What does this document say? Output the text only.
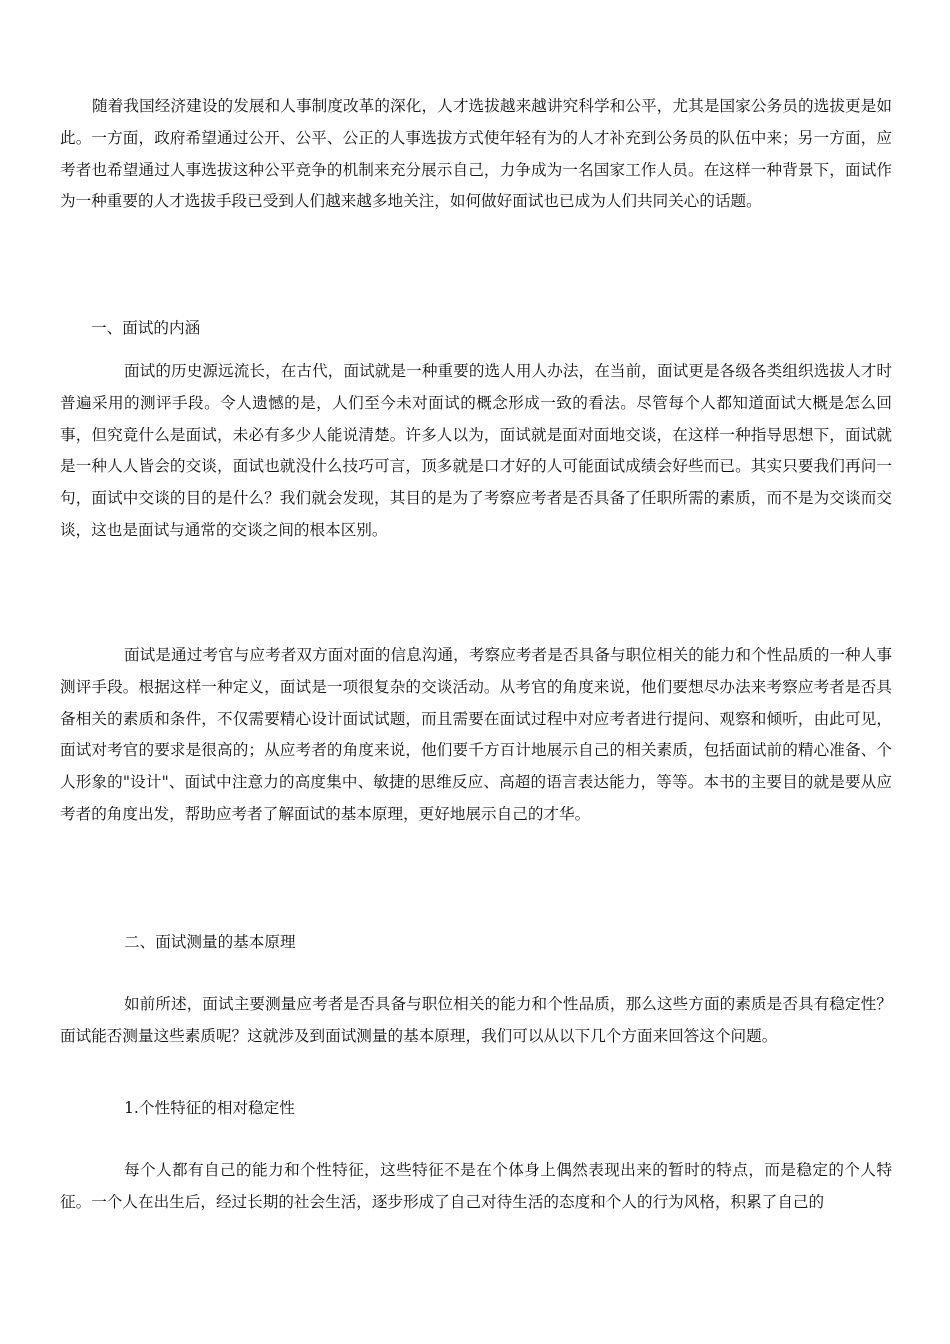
随着我国经济建设的发展和人事制度改革的深化，人才选拔越来越讲究科学和公平，尤其是国家公务员的选拔更是如此。一方面，政府希望通过公开、公平、公正的人事选拔方式使年轻有为的人才补充到公务员的队伍中来；另一方面，应考者也希望通过人事选拔这种公平竞争的机制来充分展示自己，力争成为一名国家工作人员。在这样一种背景下，面试作为一种重要的人才选拔手段已受到人们越来越多地关注，如何做好面试也已成为人们共同关心的话题。

一、面试的内涵

面试的历史源远流长，在古代，面试就是一种重要的选人用人办法，在当前，面试更是各级各类组织选拔人才时普遍采用的测评手段。令人遗憾的是，人们至今未对面试的概念形成一致的看法。尽管每个人都知道面试大概是怎么回事，但究竟什么是面试，未必有多少人能说清楚。许多人以为，面试就是面对面地交谈，在这样一种指导思想下，面试就是一种人人皆会的交谈，面试也就没什么技巧可言，顶多就是口才好的人可能面试成绩会好些而已。其实只要我们再问一句，面试中交谈的目的是什么？我们就会发现，其目的是为了考察应考者是否具备了任职所需的素质，而不是为交谈而交谈，这也是面试与通常的交谈之间的根本区别。

面试是通过考官与应考者双方面对面的信息沟通，考察应考者是否具备与职位相关的能力和个性品质的一种人事测评手段。根据这样一种定义，面试是一项很复杂的交谈活动。从考官的角度来说，他们要想尽办法来考察应考者是否具备相关的素质和条件，不仅需要精心设计面试试题，而且需要在面试过程中对应考者进行提问、观察和倾听，由此可见，面试对考官的要求是很高的；从应考者的角度来说，他们要千方百计地展示自己的相关素质，包括面试前的精心准备、个人形象的"设计"、面试中注意力的高度集中、敏捷的思维反应、高超的语言表达能力，等等。本书的主要目的就是要从应考者的角度出发，帮助应考者了解面试的基本原理，更好地展示自己的才华。

二、面试测量的基本原理

如前所述，面试主要测量应考者是否具备与职位相关的能力和个性品质，那么这些方面的素质是否具有稳定性？面试能否测量这些素质呢？这就涉及到面试测量的基本原理，我们可以从以下几个方面来回答这个问题。

1.个性特征的相对稳定性

每个人都有自己的能力和个性特征，这些特征不是在个体身上偶然表现出来的暂时的特点，而是稳定的个人特征。一个人在出生后，经过长期的社会生活，逐步形成了自己对待生活的态度和个人的行为风格，积累了自己的
